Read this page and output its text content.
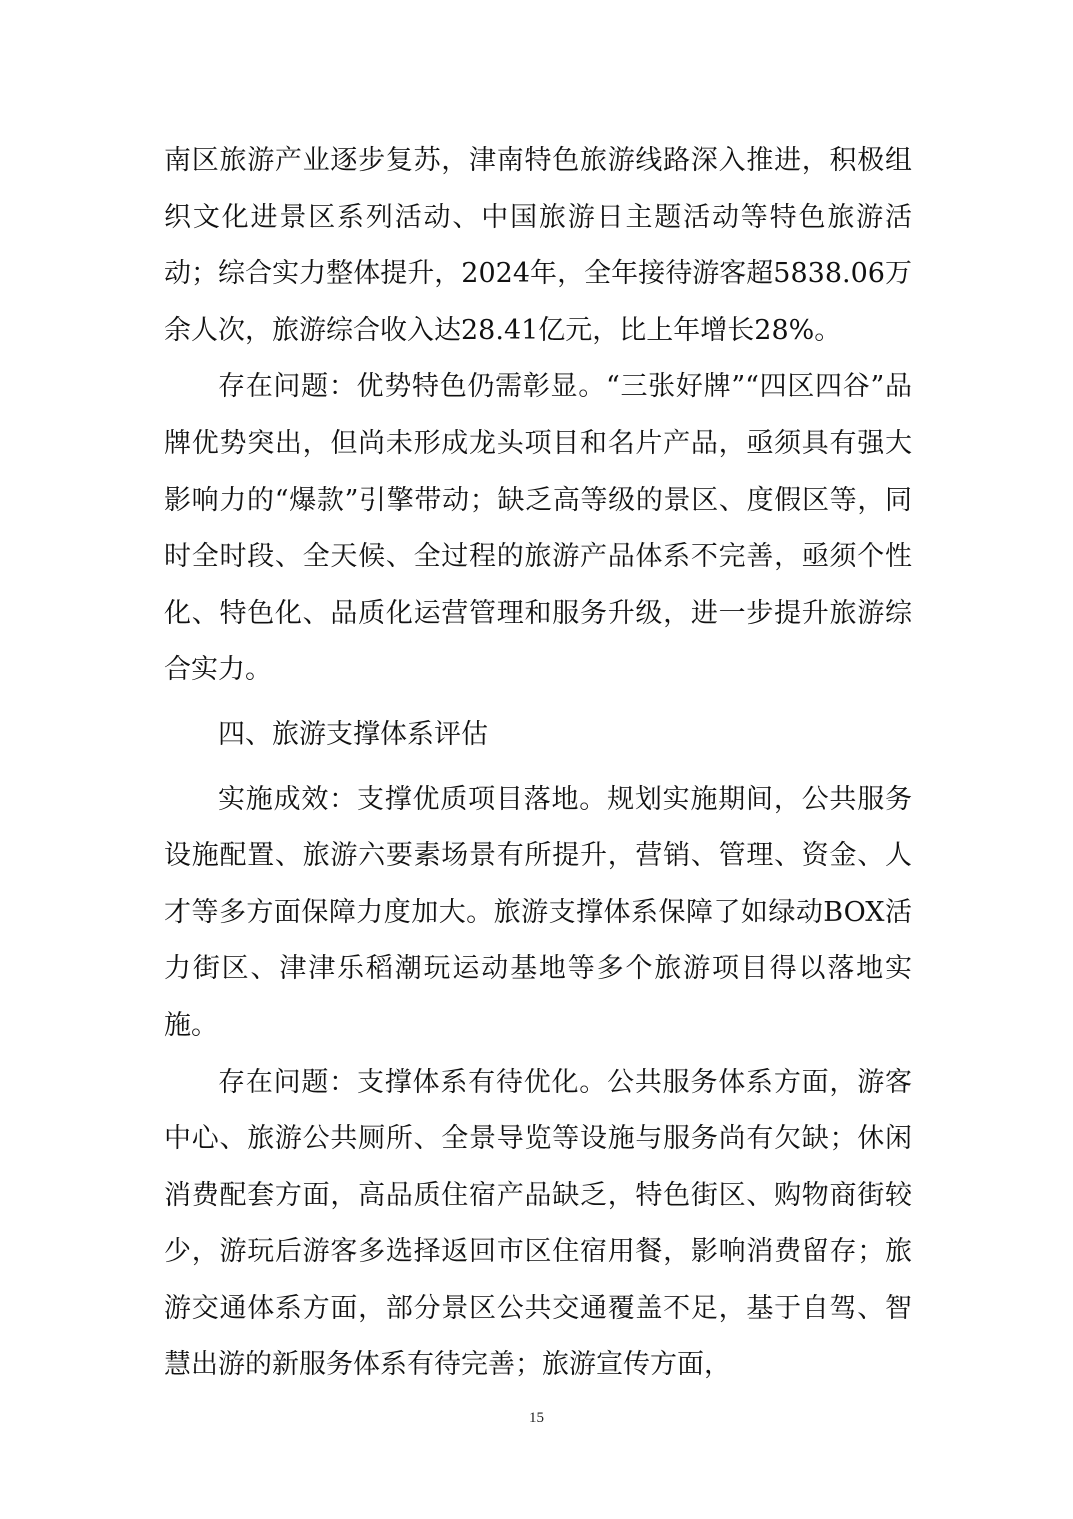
南区旅游产业逐步复苏，津南特色旅游线路深入推进，积极组织文化进景区系列活动、中国旅游日主题活动等特色旅游活动；综合实力整体提升，2024年，全年接待游客超5838.06万余人次，旅游综合收入达28.41亿元，比上年增长28%。

存在问题：优势特色仍需彰显。“三张好牌”“四区四谷”品牌优势突出，但尚未形成龙头项目和名片产品，亟须具有强大影响力的“爆款”引擎带动；缺乏高等级的景区、度假区等，同时全时段、全天候、全过程的旅游产品体系不完善，亟须个性化、特色化、品质化运营管理和服务升级，进一步提升旅游综合实力。

四、旅游支撑体系评估

实施成效：支撑优质项目落地。规划实施期间，公共服务设施配置、旅游六要素场景有所提升，营销、管理、资金、人才等多方面保障力度加大。旅游支撑体系保障了如绿动BOX活力街区、津津乐稻潮玩运动基地等多个旅游项目得以落地实施。

存在问题：支撑体系有待优化。公共服务体系方面，游客中心、旅游公共厕所、全景导览等设施与服务尚有欠缺；休闲消费配套方面，高品质住宿产品缺乏，特色街区、购物商街较少，游玩后游客多选择返回市区住宿用餐，影响消费留存；旅游交通体系方面，部分景区公共交通覆盖不足，基于自驾、智慧出游的新服务体系有待完善；旅游宣传方面，

15
